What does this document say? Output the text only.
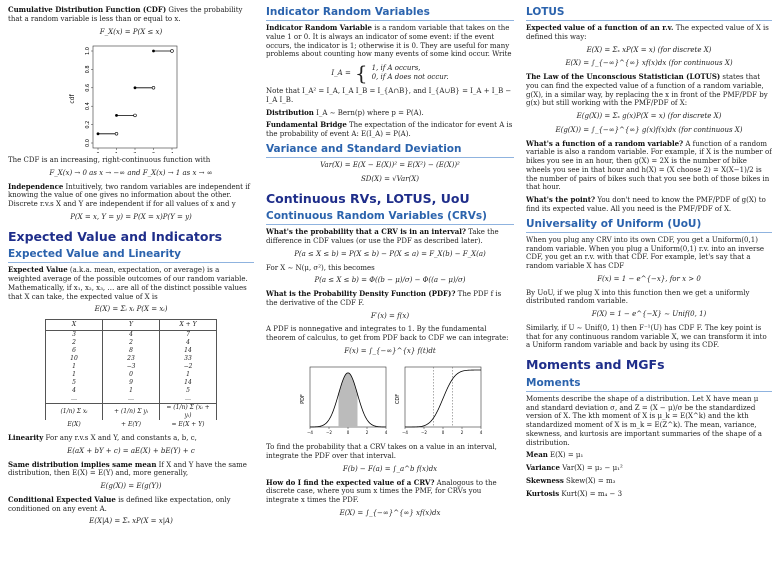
Cumulative Distribution Function (CDF) Gives the probability that a random variable is less than or equal to x.

F_X(x) = P(X ≤ x)
0.0
0.2
0.4
0.6
0.8
1.0
cdf

The CDF is an increasing, right-continuous function with

F_X(x) → 0 as x → −∞ and F_X(x) → 1 as x → ∞

Independence Intuitively, two random variables are independent if knowing the value of one gives no information about the other. Discrete r.v.s X and Y are independent if for all values of x and y

P(X = x, Y = y) = P(X = x)P(Y = y)
Expected Value and Indicators
Expected Value and Linearity

Expected Value (a.k.a. mean, expectation, or average) is a weighted average of the possible outcomes of our random variable. Mathematically, if x₁, x₂, x₃, … are all of the distinct possible values that X can take, the expected value of X is

E(X) = Σᵢ xᵢ P(X = xᵢ)
X	Y	X + Y
3	4	7
2	2	4
6	8	14
10	23	33
1	−3	−2
1	0	1
5	9	14
4	1	5
…	…	…
(1/n) Σ xᵢ	+ (1/n) Σ yᵢ	= (1/n) Σ (xᵢ + yᵢ)
E(X)	+ E(Y)	= E(X + Y)

Linearity For any r.v.s X and Y, and constants a, b, c,

E(aX + bY + c) = aE(X) + bE(Y) + c

Same distribution implies same mean If X and Y have the same distribution, then E(X) = E(Y) and, more generally,

E(g(X)) = E(g(Y))

Conditional Expected Value is defined like expectation, only conditioned on any event A.

E(X|A) = Σₓ xP(X = x|A)
Indicator Random Variables

Indicator Random Variable is a random variable that takes on the value 1 or 0. It is always an indicator of some event: if the event occurs, the indicator is 1; otherwise it is 0. They are useful for many problems about counting how many events of some kind occur. Write

I_A = { 1, if A occurs,
0, if A does not occur.

Note that I_A² = I_A, I_A I_B = I_{A∩B}, and I_{A∪B} = I_A + I_B − I_A I_B.

Distribution I_A ∼ Bern(p) where p = P(A).

Fundamental Bridge The expectation of the indicator for event A is the probability of event A: E(I_A) = P(A).

Variance and Standard Deviation
Var(X) = E(X − E(X))² = E(X²) − (E(X))²
SD(X) = √Var(X)
Continuous RVs, LOTUS, UoU
Continuous Random Variables (CRVs)

What's the probability that a CRV is in an interval? Take the difference in CDF values (or use the PDF as described later).

P(a ≤ X ≤ b) = P(X ≤ b) − P(X ≤ a) = F_X(b) − F_X(a)

For X ∼ N(μ, σ²), this becomes

P(a ≤ X ≤ b) = Φ((b − μ)/σ) − Φ((a − μ)/σ)

What is the Probability Density Function (PDF)? The PDF f is the derivative of the CDF F.

F′(x) = f(x)

A PDF is nonnegative and integrates to 1. By the fundamental theorem of calculus, to get from PDF back to CDF we can integrate:

F(x) = ∫_{−∞}^{x} f(t)dt
PDF	CDF
−4	−2	0	2	4	−4	−2	0	2	4

To find the probability that a CRV takes on a value in an interval, integrate the PDF over that interval.

F(b) − F(a) = ∫_a^b f(x)dx

How do I find the expected value of a CRV? Analogous to the discrete case, where you sum x times the PMF, for CRVs you integrate x times the PDF.

E(X) = ∫_{−∞}^{∞} xf(x)dx
LOTUS

Expected value of a function of an r.v. The expected value of X is defined this way:

E(X) = Σₓ xP(X = x) (for discrete X)
E(X) = ∫_{−∞}^{∞} xf(x)dx (for continuous X)

The Law of the Unconscious Statistician (LOTUS) states that you can find the expected value of a function of a random variable, g(X), in a similar way, by replacing the x in front of the PMF/PDF by g(x) but still working with the PMF/PDF of X:

E(g(X)) = Σₓ g(x)P(X = x) (for discrete X)
E(g(X)) = ∫_{−∞}^{∞} g(x)f(x)dx (for continuous X)

What's a function of a random variable? A function of a random variable is also a random variable. For example, if X is the number of bikes you see in an hour, then g(X) = 2X is the number of bike wheels you see in that hour and h(X) = (X choose 2) = X(X−1)/2 is the number of pairs of bikes such that you see both of those bikes in that hour.

What's the point? You don't need to know the PMF/PDF of g(X) to find its expected value. All you need is the PMF/PDF of X.

Universality of Uniform (UoU)

When you plug any CRV into its own CDF, you get a Uniform(0,1) random variable. When you plug a Uniform(0,1) r.v. into an inverse CDF, you get an r.v. with that CDF. For example, let's say that a random variable X has CDF

F(x) = 1 − e^{−x}, for x > 0

By UoU, if we plug X into this function then we get a uniformly distributed random variable.

F(X) = 1 − e^{−X} ∼ Unif(0, 1)

Similarly, if U ∼ Unif(0, 1) then F⁻¹(U) has CDF F. The key point is that for any continuous random variable X, we can transform it into a Uniform random variable and back by using its CDF.

Moments and MGFs
Moments

Moments describe the shape of a distribution. Let X have mean μ and standard deviation σ, and Z = (X − μ)/σ be the standardized version of X. The kth moment of X is μ_k = E(X^k) and the kth standardized moment of X is m_k = E(Z^k). The mean, variance, skewness, and kurtosis are important summaries of the shape of a distribution.

Mean E(X) = μ₁

Variance Var(X) = μ₂ − μ₁²

Skewness Skew(X) = m₃

Kurtosis Kurt(X) = m₄ − 3
